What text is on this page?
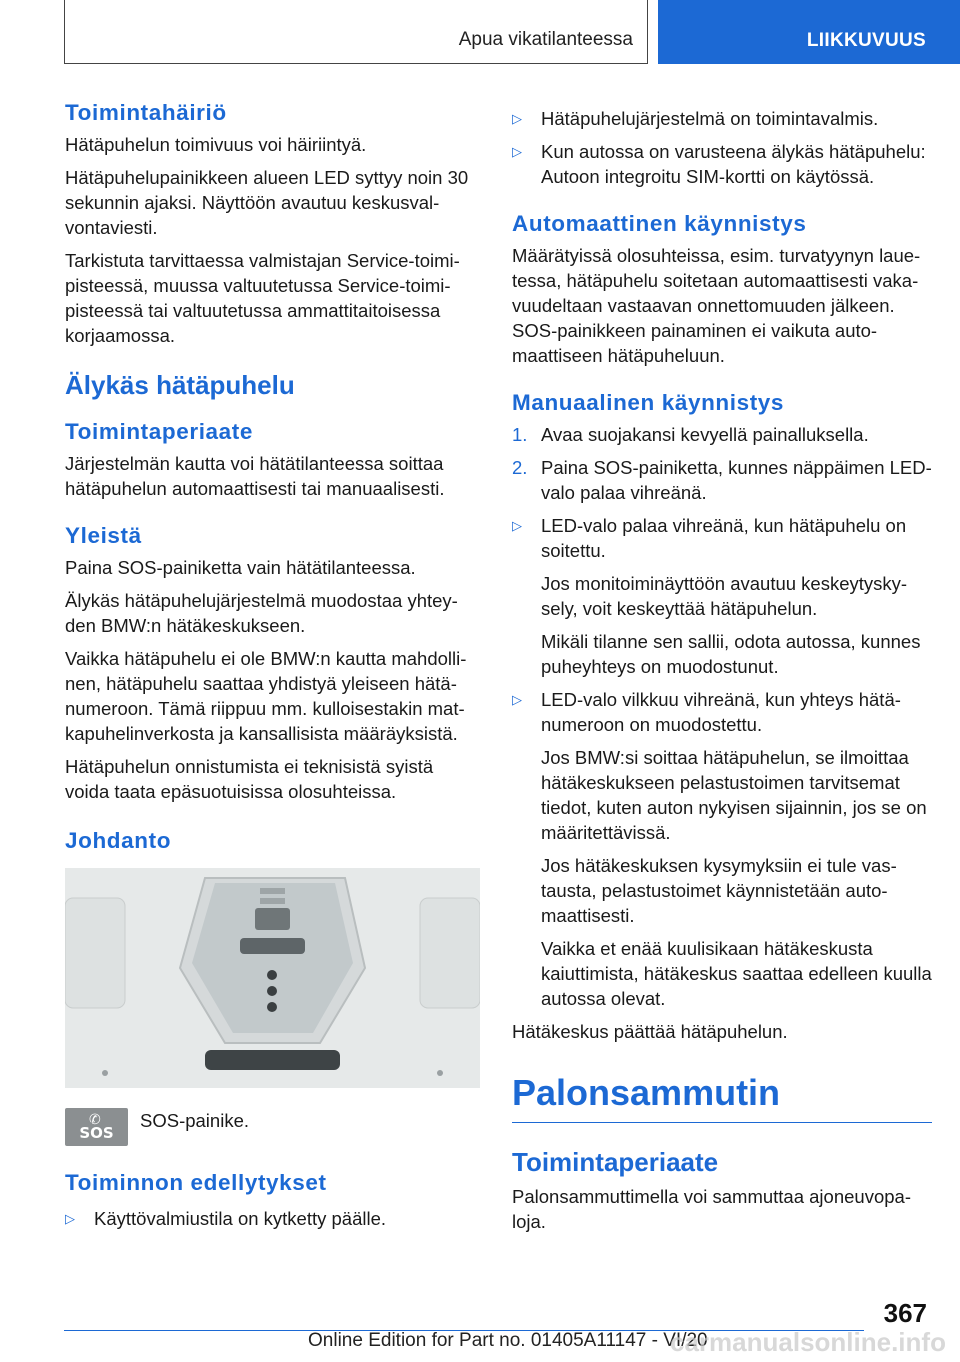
Apua vikatilanteessa	LIIKKUVUUS
Toimintahäiriö

Hätäpuhelun toimivuus voi häiriintyä.

Hätäpuhelupainikkeen alueen LED syttyy noin 30 sekunnin ajaksi. Näyttöön avautuu keskusvalvontaviesti.

Tarkistuta tarvittaessa valmistajan Service-toimipisteessä, muussa valtuutetussa Service-toimipisteessä tai valtuutetussa ammattitaitoisessa korjaamossa.

Älykäs hätäpuhelu
Toimintaperiaate

Järjestelmän kautta voi hätätilanteessa soittaa hätäpuhelun automaattisesti tai manuaalisesti.

Yleistä

Paina SOS-painiketta vain hätätilanteessa.

Älykäs hätäpuhelujärjestelmä muodostaa yhteyden BMW:n hätäkeskukseen.

Vaikka hätäpuhelu ei ole BMW:n kautta mahdollinen, hätäpuhelu saattaa yhdistyä yleiseen hätänumeroon. Tämä riippuu mm. kulloisestakin matkapuhelinverkosta ja kansallisista määräyksistä.

Hätäpuhelun onnistumista ei teknisistä syistä voida taata epäsuotuisissa olosuhteissa.

Johdanto
✆
SOS
SOS-painike.
Toiminnon edellytykset
▷	Käyttövalmiustila on kytketty päälle.
▷	Hätäpuhelujärjestelmä on toimintavalmis.
▷	Kun autossa on varusteena älykäs hätäpuhelu: Autoon integroitu SIM-kortti on käytössä.
Automaattinen käynnistys

Määrätyissä olosuhteissa, esim. turvatyynyn lauetessa, hätäpuhelu soitetaan automaattisesti vakavuudeltaan vastaavan onnettomuuden jälkeen. SOS-painikkeen painaminen ei vaikuta automaattiseen hätäpuheluun.

Manuaalinen käynnistys
1. Avaa suojakansi kevyellä painalluksella.
2. Paina SOS-painiketta, kunnes näppäimen LED-valo palaa vihreänä.
▷	LED-valo palaa vihreänä, kun hätäpuhelu on soitettu.

Jos monitoiminäyttöön avautuu keskeytyskysely, voit keskeyttää hätäpuhelun.

Mikäli tilanne sen sallii, odota autossa, kunnes puheyhteys on muodostunut.

▷	LED-valo vilkkuu vihreänä, kun yhteys hätänumeroon on muodostettu.

Jos BMW:si soittaa hätäpuhelun, se ilmoittaa hätäkeskukseen pelastustoimen tarvitsemat tiedot, kuten auton nykyisen sijainnin, jos se on määritettävissä.

Jos hätäkeskuksen kysymyksiin ei tule vastausta, pelastustoimet käynnistetään automaattisesti.

Vaikka et enää kuulisikaan hätäkeskusta kaiuttimista, hätäkeskus saattaa edelleen kuulla autossa olevat.

Hätäkeskus päättää hätäpuhelun.

Palonsammutin
Toimintaperiaate

Palonsammuttimella voi sammuttaa ajoneuvopaloja.

367
Online Edition for Part no. 01405A11147 - VI/20
carmanualsonline.info
